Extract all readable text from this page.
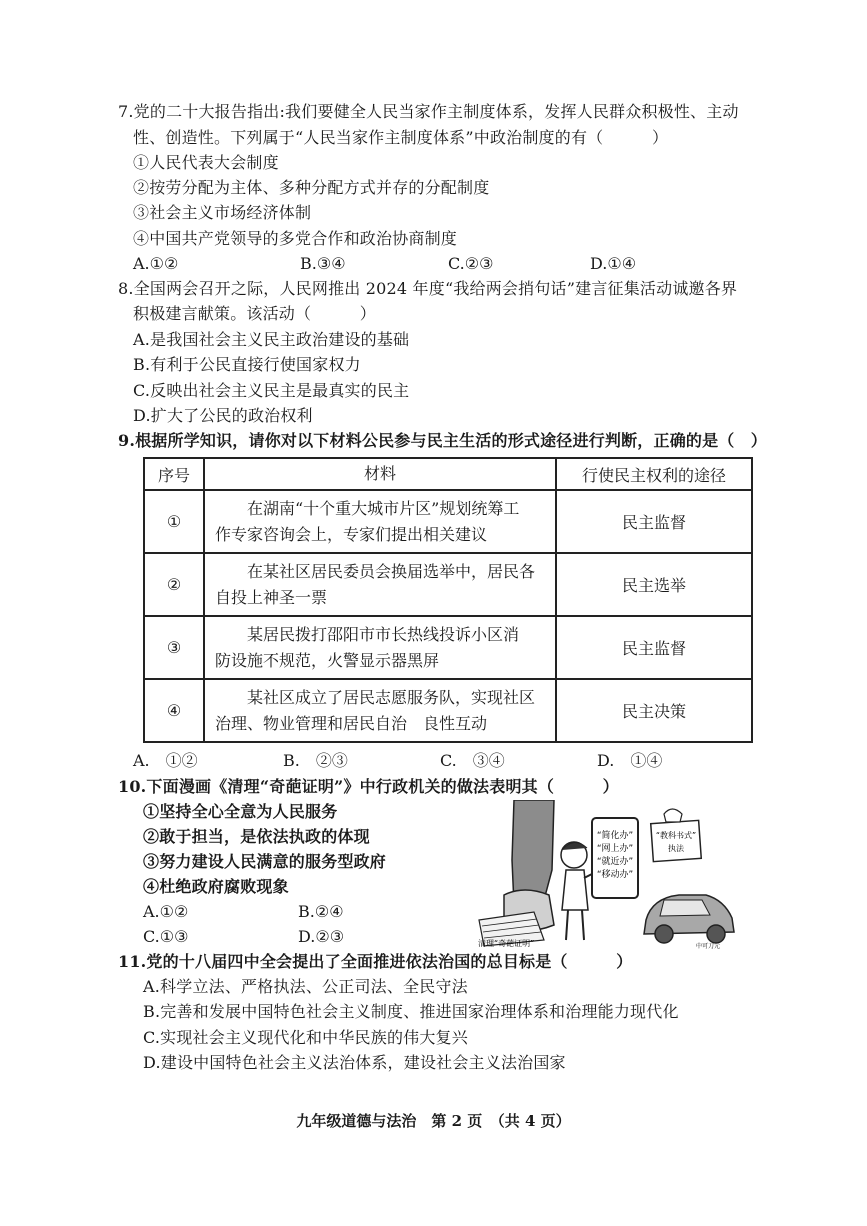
7.党的二十大报告指出:我们要健全人民当家作主制度体系，发挥人民群众积极性、主动
性、创造性。下列属于“人民当家作主制度体系”中政治制度的有（　　　）
①人民代表大会制度
②按劳分配为主体、多种分配方式并存的分配制度
③社会主义市场经济体制
④中国共产党领导的多党合作和政治协商制度
A.①②	B.③④	C.②③	D.①④
8.全国两会召开之际，人民网推出 2024 年度“我给两会捎句话”建言征集活动诚邀各界
积极建言献策。该活动（　　　）
A.是我国社会主义民主政治建设的基础
B.有利于公民直接行使国家权力
C.反映出社会主义民主是最真实的民主
D.扩大了公民的政治权利
9.根据所学知识，请你对以下材料公民参与民主生活的形式途径进行判断，正确的是（　）
序号	材料	行使民主权利的途径
①	在湖南“十个重大城市片区”规划统筹工
作专家咨询会上，专家们提出相关建议	民主监督
②	在某社区居民委员会换届选举中，居民各
自投上神圣一票	民主选举
③	某居民拨打邵阳市市长热线投诉小区消
防设施不规范，火警显示器黑屏	民主监督
④	某社区成立了居民志愿服务队，实现社区
治理、物业管理和居民自治　良性互动	民主决策
A.　①②	B.　②③	C.　③④	D.　①④
10.下面漫画《清理“奇葩证明”》中行政机关的做法表明其（　　　）
①坚持全心全意为人民服务
②敢于担当，是依法执政的体现
③努力建设人民满意的服务型政府
④杜绝政府腐败现象
A.①②	B.②④
C.①③	D.②③
“简化办”
“网上办”
“就近办”
“移动办”
“教科书式”
执法
清理“奇葩证明”	中可刀元
11.党的十八届四中全会提出了全面推进依法治国的总目标是（　　　）
A.科学立法、严格执法、公正司法、全民守法
B.完善和发展中国特色社会主义制度、推进国家治理体系和治理能力现代化
C.实现社会主义现代化和中华民族的伟大复兴
D.建设中国特色社会主义法治体系，建设社会主义法治国家
九年级道德与法治　第 2 页　（共 4 页）
